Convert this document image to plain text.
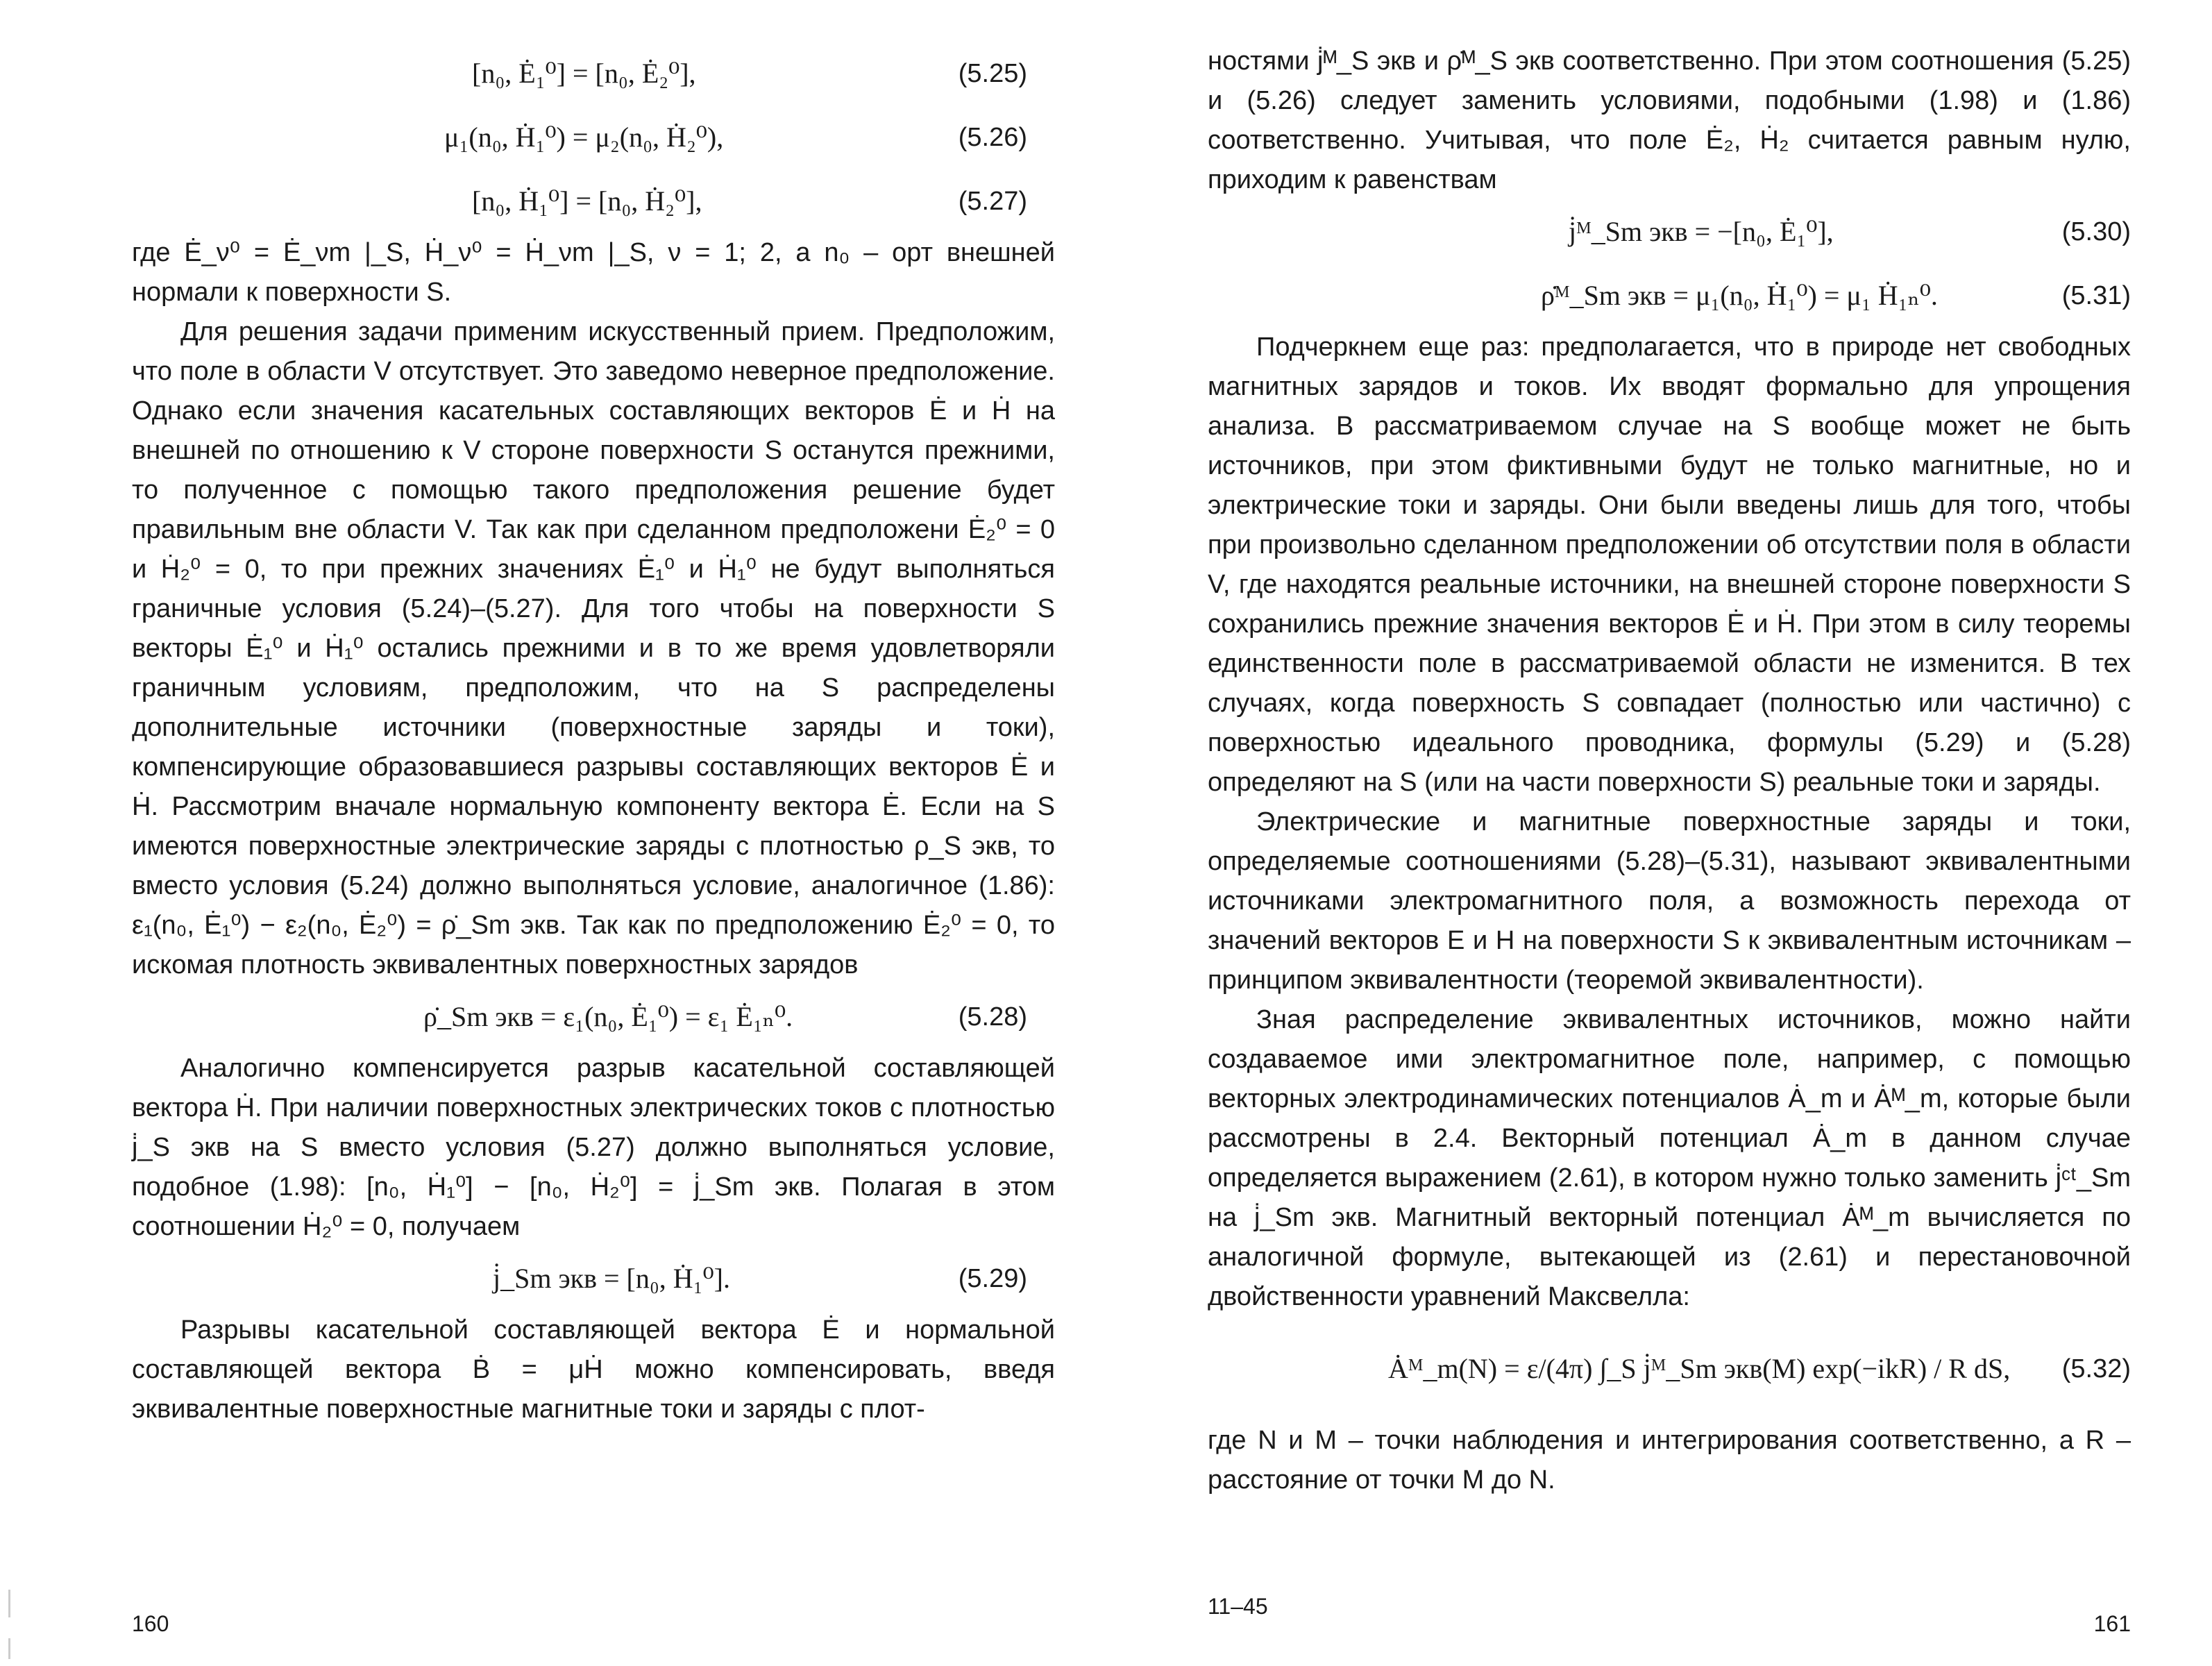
[n₀, Ė₁⁰] = [n₀, Ė₂⁰],	(5.25)
μ₁(n₀, Ḣ₁⁰) = μ₂(n₀, Ḣ₂⁰),	(5.26)
[n₀, Ḣ₁⁰] = [n₀, Ḣ₂⁰],	(5.27)

где Ė_ν⁰ = Ė_νm |_S, Ḣ_ν⁰ = Ḣ_νm |_S, ν = 1; 2, а n₀ – орт внешней нормали к поверхности S.

Для решения задачи применим искусственный прием. Предположим, что поле в области V отсутствует. Это заведомо неверное предположение. Однако если значения касательных составляющих векторов Ė и Ḣ на внешней по отношению к V стороне поверхности S останутся прежними, то полученное с помощью такого предположения решение будет правильным вне области V. Так как при сделанном предположени Ė₂⁰ = 0 и Ḣ₂⁰ = 0, то при прежних значениях Ė₁⁰ и Ḣ₁⁰ не будут выполняться граничные условия (5.24)–(5.27). Для того чтобы на поверхности S векторы Ė₁⁰ и Ḣ₁⁰ остались прежними и в то же время удовлетворяли граничным условиям, предположим, что на S распределены дополнительные источники (поверхностные заряды и токи), компенсирующие образовавшиеся разрывы составляющих векторов Ė и Ḣ. Рассмотрим вначале нормальную компоненту вектора Ė. Если на S имеются поверхностные электрические заряды с плотностью ρ_S экв, то вместо условия (5.24) должно выполняться условие, аналогичное (1.86): ε₁(n₀, Ė₁⁰) − ε₂(n₀, Ė₂⁰) = ρ̇_Sm экв. Так как по предположению Ė₂⁰ = 0, то искомая плотность эквивалентных поверхностных зарядов

ρ̇_Sm экв = ε₁(n₀, Ė₁⁰) = ε₁ Ė₁ₙ⁰.	(5.28)

Аналогично компенсируется разрыв касательной составляющей вектора Ḣ. При наличии поверхностных электрических токов с плотностью j̇_S экв на S вместо условия (5.27) должно выполняться условие, подобное (1.98): [n₀, Ḣ₁⁰] − [n₀, Ḣ₂⁰] = j̇_Sm экв. Полагая в этом соотношении Ḣ₂⁰ = 0, получаем

j̇_Sm экв = [n₀, Ḣ₁⁰].	(5.29)

Разрывы касательной составляющей вектора Ė и нормальной составляющей вектора Ḃ = μḢ можно компенсировать, введя эквивалентные поверхностные магнитные токи и заряды с плот-

160

ностями j̇ᴹ_S экв и ρ̇ᴹ_S экв соответственно. При этом соотношения (5.25) и (5.26) следует заменить условиями, подобными (1.98) и (1.86) соответственно. Учитывая, что поле Ė₂, Ḣ₂ считается равным нулю, приходим к равенствам

j̇ᴹ_Sm экв = −[n₀, Ė₁⁰],	(5.30)
ρ̇ᴹ_Sm экв = μ₁(n₀, Ḣ₁⁰) = μ₁ Ḣ₁ₙ⁰.	(5.31)

Подчеркнем еще раз: предполагается, что в природе нет свободных магнитных зарядов и токов. Их вводят формально для упрощения анализа. В рассматриваемом случае на S вообще может не быть источников, при этом фиктивными будут не только магнитные, но и электрические токи и заряды. Они были введены лишь для того, чтобы при произвольно сделанном предположении об отсутствии поля в области V, где находятся реальные источники, на внешней стороне поверхности S сохранились прежние значения векторов Ė и Ḣ. При этом в силу теоремы единственности поле в рассматриваемой области не изменится. В тех случаях, когда поверхность S совпадает (полностью или частично) с поверхностью идеального проводника, формулы (5.29) и (5.28) определяют на S (или на части поверхности S) реальные токи и заряды.

Электрические и магнитные поверхностные заряды и токи, определяемые соотношениями (5.28)–(5.31), называют эквивалентными источниками электромагнитного поля, а возможность перехода от значений векторов E и H на поверхности S к эквивалентным источникам – принципом эквивалентности (теоремой эквивалентности).

Зная распределение эквивалентных источников, можно найти создаваемое ими электромагнитное поле, например, с помощью векторных электродинамических потенциалов Ȧ_m и Ȧᴹ_m, которые были рассмотрены в 2.4. Векторный потенциал Ȧ_m в данном случае определяется выражением (2.61), в котором нужно только заменить j̇ᶜᵗ_Sm на j̇_Sm экв. Магнитный векторный потенциал Ȧᴹ_m вычисляется по аналогичной формуле, вытекающей из (2.61) и перестановочной двойственности уравнений Максвелла:

Ȧᴹ_m(N) = ε/(4π) ∫_S j̇ᴹ_Sm экв(M) exp(−ikR) / R dS, (5.32)

где N и M – точки наблюдения и интегрирования соответственно, а R – расстояние от точки M до N.

11–45
161
